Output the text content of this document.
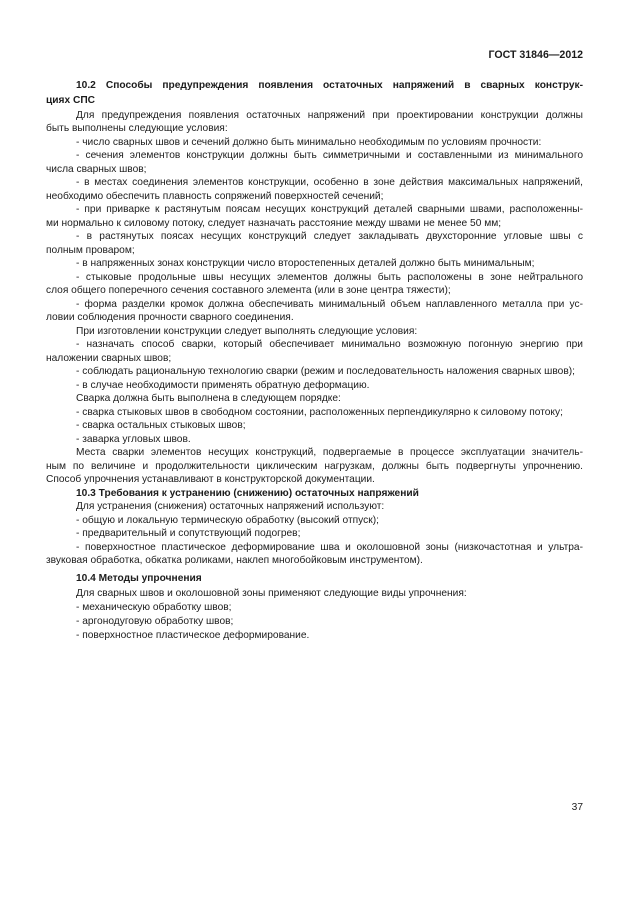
ГОСТ 31846—2012
10.2 Способы предупреждения появления остаточных напряжений в сварных конструк-
циях СПС
Для предупреждения появления остаточных напряжений при проектировании конструкции должны
быть выполнены следующие условия:
- число сварных швов и сечений должно быть минимально необходимым по условиям прочности:
- сечения элементов конструкции должны быть симметричными и составленными из минимального
числа сварных швов;
- в местах соединения элементов конструкции, особенно в зоне действия максимальных напряжений,
необходимо обеспечить плавность сопряжений поверхностей сечений;
- при приварке к растянутым поясам несущих конструкций деталей сварными швами, расположенны-
ми нормально к силовому потоку, следует назначать расстояние между швами не менее 50 мм;
- в растянутых поясах несущих конструкций следует закладывать двухсторонние угловые швы с
полным проваром;
- в напряженных зонах конструкции число второстепенных деталей должно быть минимальным;
- стыковые продольные швы несущих элементов должны быть расположены в зоне нейтрального
слоя общего поперечного сечения составного элемента (или в зоне центра тяжести);
- форма разделки кромок должна обеспечивать минимальный объем наплавленного металла при ус-
ловии соблюдения прочности сварного соединения.
При изготовлении конструкции следует выполнять следующие условия:
- назначать способ сварки, который обеспечивает минимально возможную погонную энергию при
наложении сварных швов;
- соблюдать рациональную технологию сварки (режим и последовательность наложения сварных швов);
- в случае необходимости применять обратную деформацию.
Сварка должна быть выполнена в следующем порядке:
- сварка стыковых швов в свободном состоянии, расположенных перпендикулярно к силовому потоку;
- сварка остальных стыковых швов;
- заварка угловых швов.
Места сварки элементов несущих конструкций, подвергаемые в процессе эксплуатации значитель-
ным по величине и продолжительности циклическим нагрузкам, должны быть подвергнуты упрочнению.
Способ упрочнения устанавливают в конструкторской документации.
10.3 Требования к устранению (снижению) остаточных напряжений
Для устранения (снижения) остаточных напряжений используют:
- общую и локальную термическую обработку (высокий отпуск);
- предварительный и сопутствующий подогрев;
- поверхностное пластическое деформирование шва и околошовной зоны (низкочастотная и ультра-
звуковая обработка, обкатка роликами, наклеп многобойковым инструментом).
10.4 Методы упрочнения
Для сварных швов и околошовной зоны применяют следующие виды упрочнения:
- механическую обработку швов;
- аргонодуговую обработку швов;
- поверхностное пластическое деформирование.
37
